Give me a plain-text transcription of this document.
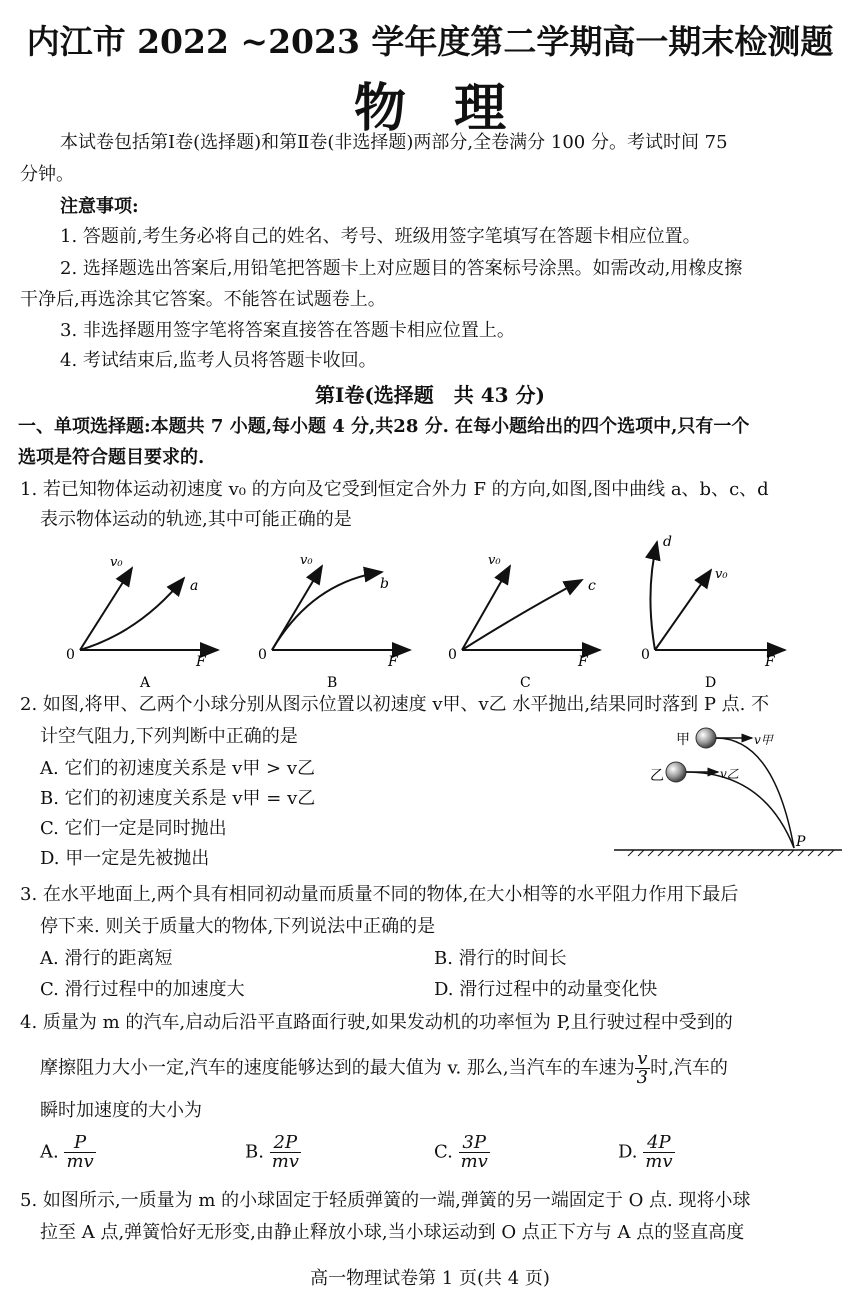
内江市 2022 ~2023 学年度第二学期高一期末检测题
物理
本试卷包括第Ⅰ卷(选择题)和第Ⅱ卷(非选择题)两部分,全卷满分 100 分。考试时间 75
分钟。
注意事项:
1. 答题前,考生务必将自己的姓名、考号、班级用签字笔填写在答题卡相应位置。
2. 选择题选出答案后,用铅笔把答题卡上对应题目的答案标号涂黑。如需改动,用橡皮擦
干净后,再选涂其它答案。不能答在试题卷上。
3. 非选择题用签字笔将答案直接答在答题卡相应位置上。
4. 考试结束后,监考人员将答题卡收回。
第Ⅰ卷(选择题　共 43 分)
一、单项选择题:本题共 7 小题,每小题 4 分,共28 分. 在每小题给出的四个选项中,只有一个
选项是符合题目要求的.
1. 若已知物体运动初速度 v₀ 的方向及它受到恒定合外力 F 的方向,如图,图中曲线 a、b、c、d
表示物体运动的轨迹,其中可能正确的是
v₀
a
0	F
A
v₀
b
0	F
B
v₀
c
0	F
C
d
v₀
0	F
D
2. 如图,将甲、乙两个小球分别从图示位置以初速度 v甲、v乙 水平抛出,结果同时落到 P 点. 不
计空气阻力,下列判断中正确的是
A. 它们的初速度关系是 v甲 > v乙
B. 它们的初速度关系是 v甲 = v乙
C. 它们一定是同时抛出
D. 甲一定是先被抛出
甲	v甲
乙	v乙
P
3. 在水平地面上,两个具有相同初动量而质量不同的物体,在大小相等的水平阻力作用下最后
停下来. 则关于质量大的物体,下列说法中正确的是
A. 滑行的距离短	B. 滑行的时间长
C. 滑行过程中的加速度大	D. 滑行过程中的动量变化快
4. 质量为 m 的汽车,启动后沿平直路面行驶,如果发动机的功率恒为 P,且行驶过程中受到的
摩擦阻力大小一定,汽车的速度能够达到的最大值为 v. 那么,当汽车的车速为 $\frac{v}{3}$ 时,汽车的
瞬时加速度的大小为
A. $\frac{P}{mv}$	B. $\frac{2P}{mv}$	C. $\frac{3P}{mv}$	D. $\frac{4P}{mv}$
5. 如图所示,一质量为 m 的小球固定于轻质弹簧的一端,弹簧的另一端固定于 O 点. 现将小球
拉至 A 点,弹簧恰好无形变,由静止释放小球,当小球运动到 O 点正下方与 A 点的竖直高度
高一物理试卷第 1 页(共 4 页)
